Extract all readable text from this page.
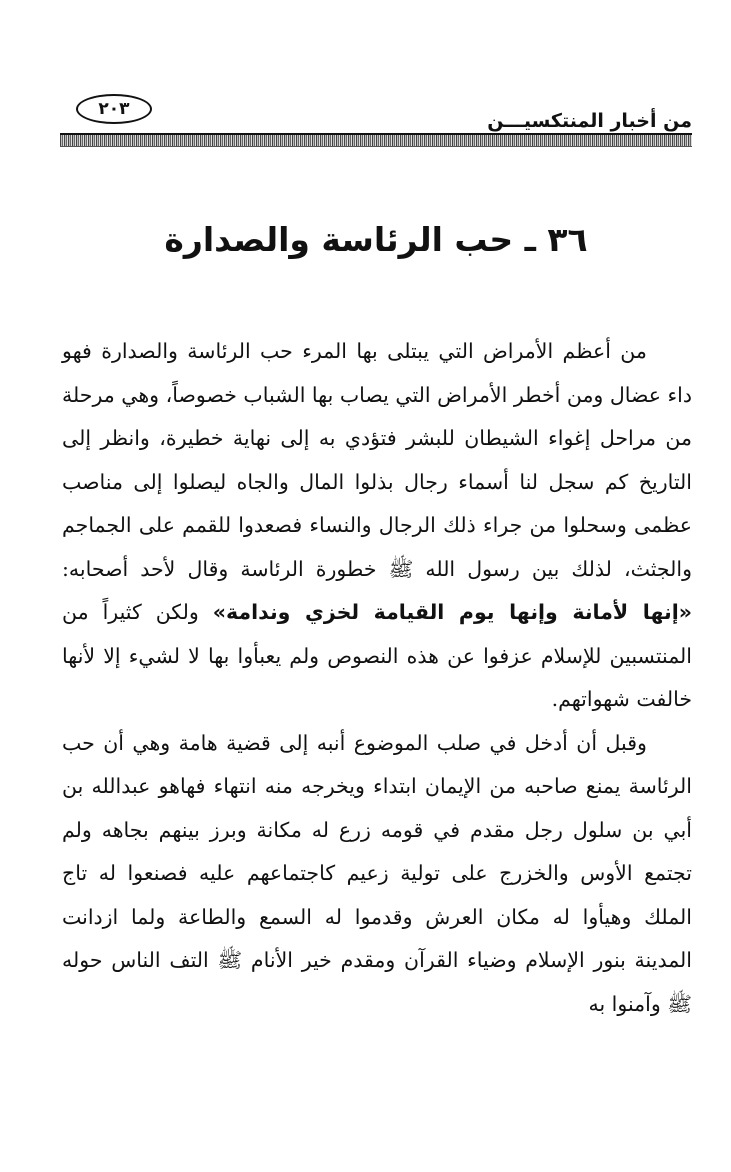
٢٠٣
من أخبار المنتكسيـــن
٣٦ ـ حب الرئاسة والصدارة

من أعظم الأمراض التي يبتلى بها المرء حب الرئاسة والصدارة فهو داء عضال ومن أخطر الأمراض التي يصاب بها الشباب خصوصاً، وهي مرحلة من مراحل إغواء الشيطان للبشر فتؤدي به إلى نهاية خطيرة، وانظر إلى التاريخ كم سجل لنا أسماء رجال بذلوا المال والجاه ليصلوا إلى مناصب عظمى وسحلوا من جراء ذلك الرجال والنساء فصعدوا للقمم على الجماجم والجثث، لذلك بين رسول الله ﷺ خطورة الرئاسة وقال لأحد أصحابه: «إنها لأمانة وإنها يوم القيامة لخزي وندامة» ولكن كثيراً من المنتسبين للإسلام عزفوا عن هذه النصوص ولم يعبأوا بها لا لشيء إلا لأنها خالفت شهواتهم.

وقبل أن أدخل في صلب الموضوع أنبه إلى قضية هامة وهي أن حب الرئاسة يمنع صاحبه من الإيمان ابتداء ويخرجه منه انتهاء فهاهو عبدالله بن أبي بن سلول رجل مقدم في قومه زرع له مكانة وبرز بينهم بجاهه ولم تجتمع الأوس والخزرج على تولية زعيم كاجتماعهم عليه فصنعوا له تاج الملك وهيأوا له مكان العرش وقدموا له السمع والطاعة ولما ازدانت المدينة بنور الإسلام وضياء القرآن ومقدم خير الأنام ﷺ التف الناس حوله ﷺ وآمنوا به
